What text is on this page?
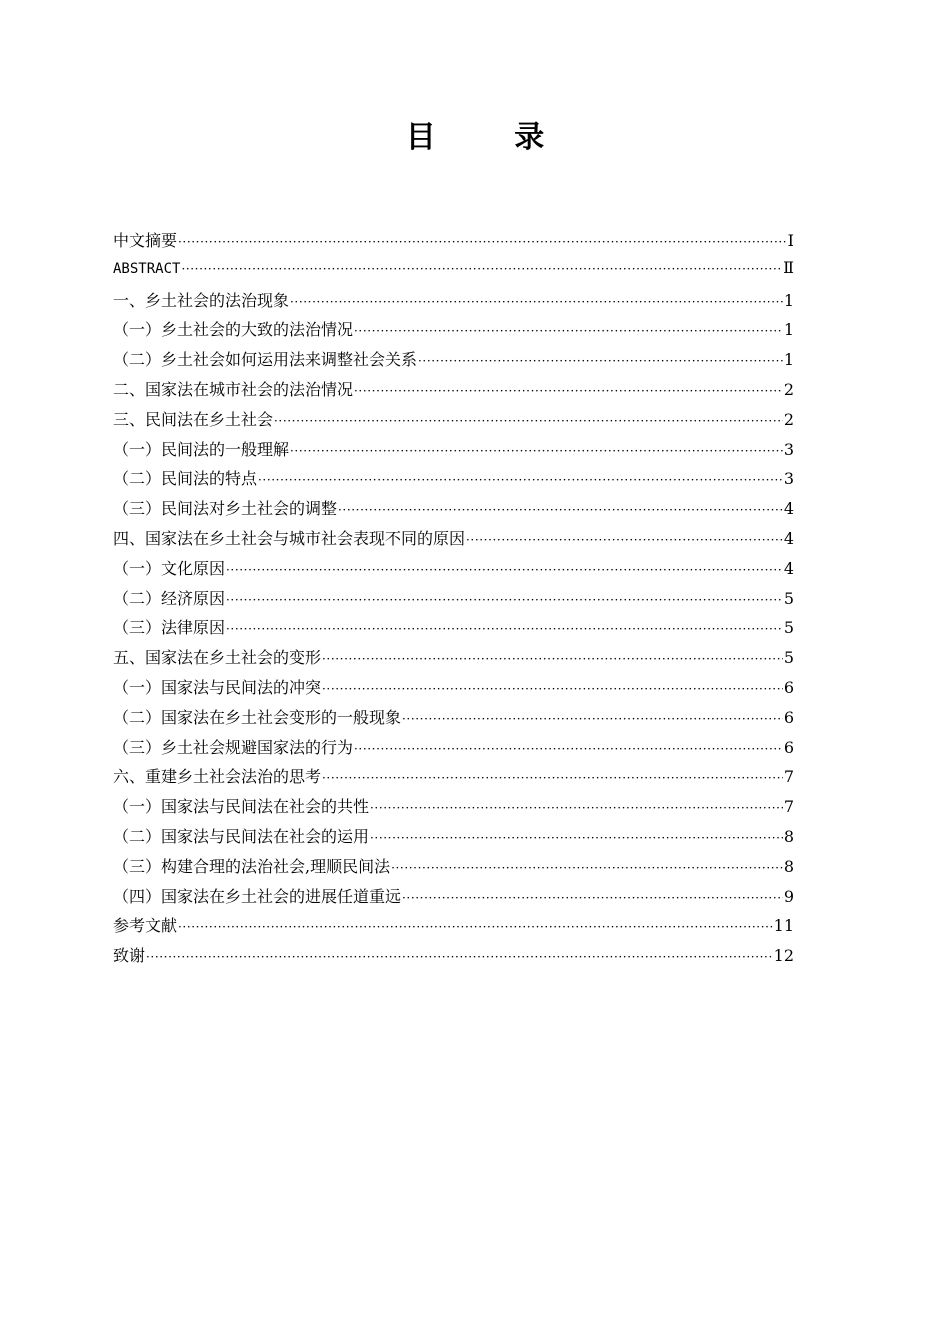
目 录
中文摘要 ·····	Ⅰ
ABSTRACT ·····	Ⅱ
一、乡土社会的法治现象 ·····	1
（一）乡土社会的大致的法治情况 ·····	1
（二）乡土社会如何运用法来调整社会关系 ·····	1
二、国家法在城市社会的法治情况 ·····	2
三、民间法在乡土社会 ·····	2
（一）民间法的一般理解 ·····	3
（二）民间法的特点 ·····	3
（三）民间法对乡土社会的调整 ·····	4
四、国家法在乡土社会与城市社会表现不同的原因 ·····	4
（一）文化原因 ·····	4
（二）经济原因 ·····	5
（三）法律原因 ·····	5
五、国家法在乡土社会的变形 ·····	5
（一）国家法与民间法的冲突 ·····	6
（二）国家法在乡土社会变形的一般现象 ·····	6
（三）乡土社会规避国家法的行为 ·····	6
六、重建乡土社会法治的思考 ·····	7
（一）国家法与民间法在社会的共性 ·····	7
（二）国家法与民间法在社会的运用 ·····	8
（三）构建合理的法治社会,理顺民间法 ·····	8
（四）国家法在乡土社会的进展任道重远 ·····	9
参考文献 ·····	11
致谢 ·····	12
